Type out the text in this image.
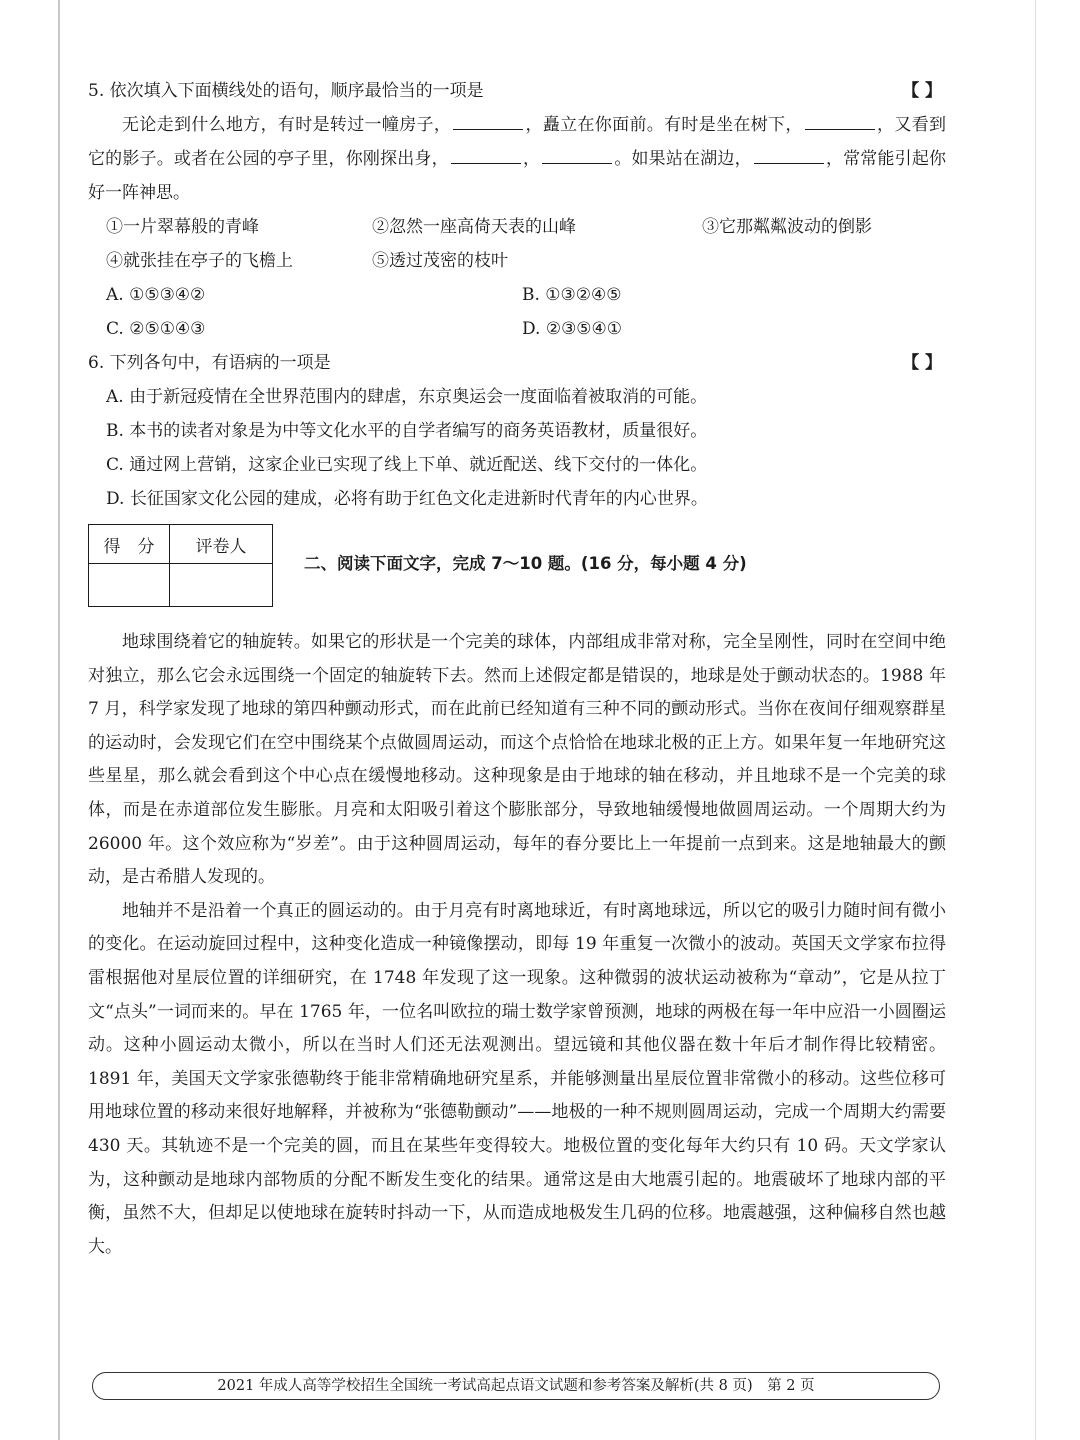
5. 依次填入下面横线处的语句，顺序最恰当的一项是	【 】

无论走到什么地方，有时是转过一幢房子，	，矗立在你面前。有时是坐在树下，	，又看到它的影子。或者在公园的亭子里，你刚探出身，	，	。如果站在湖边，	，常常能引起你好一阵神思。

①一片翠幕般的青峰	②忽然一座高倚天表的山峰	③它那粼粼波动的倒影
④就张挂在亭子的飞檐上	⑤透过茂密的枝叶
A. ①⑤③④②	B. ①③②④⑤
C. ②⑤①④③	D. ②③⑤④①
6. 下列各句中，有语病的一项是	【 】
A. 由于新冠疫情在全世界范围内的肆虐，东京奥运会一度面临着被取消的可能。
B. 本书的读者对象是为中等文化水平的自学者编写的商务英语教材，质量很好。
C. 通过网上营销，这家企业已实现了线上下单、就近配送、线下交付的一体化。
D. 长征国家文化公园的建成，必将有助于红色文化走进新时代青年的内心世界。
得　分	评卷人

二、阅读下面文字，完成 7～10 题。(16 分，每小题 4 分)

地球围绕着它的轴旋转。如果它的形状是一个完美的球体，内部组成非常对称，完全呈刚性，同时在空间中绝对独立，那么它会永远围绕一个固定的轴旋转下去。然而上述假定都是错误的，地球是处于颤动状态的。1988 年 7 月，科学家发现了地球的第四种颤动形式，而在此前已经知道有三种不同的颤动形式。当你在夜间仔细观察群星的运动时，会发现它们在空中围绕某个点做圆周运动，而这个点恰恰在地球北极的正上方。如果年复一年地研究这些星星，那么就会看到这个中心点在缓慢地移动。这种现象是由于地球的轴在移动，并且地球不是一个完美的球体，而是在赤道部位发生膨胀。月亮和太阳吸引着这个膨胀部分，导致地轴缓慢地做圆周运动。一个周期大约为 26000 年。这个效应称为“岁差”。由于这种圆周运动，每年的春分要比上一年提前一点到来。这是地轴最大的颤动，是古希腊人发现的。

地轴并不是沿着一个真正的圆运动的。由于月亮有时离地球近，有时离地球远，所以它的吸引力随时间有微小的变化。在运动旋回过程中，这种变化造成一种镜像摆动，即每 19 年重复一次微小的波动。英国天文学家布拉得雷根据他对星辰位置的详细研究，在 1748 年发现了这一现象。这种微弱的波状运动被称为“章动”，它是从拉丁文“点头”一词而来的。早在 1765 年，一位名叫欧拉的瑞士数学家曾预测，地球的两极在每一年中应沿一小圆圈运动。这种小圆运动太微小，所以在当时人们还无法观测出。望远镜和其他仪器在数十年后才制作得比较精密。1891 年，美国天文学家张德勒终于能非常精确地研究星系，并能够测量出星辰位置非常微小的移动。这些位移可用地球位置的移动来很好地解释，并被称为“张德勒颤动”——地极的一种不规则圆周运动，完成一个周期大约需要 430 天。其轨迹不是一个完美的圆，而且在某些年变得较大。地极位置的变化每年大约只有 10 码。天文学家认为，这种颤动是地球内部物质的分配不断发生变化的结果。通常这是由大地震引起的。地震破坏了地球内部的平衡，虽然不大，但却足以使地球在旋转时抖动一下，从而造成地极发生几码的位移。地震越强，这种偏移自然也越大。

2021 年成人高等学校招生全国统一考试高起点语文试题和参考答案及解析(共 8 页)　第 2 页
